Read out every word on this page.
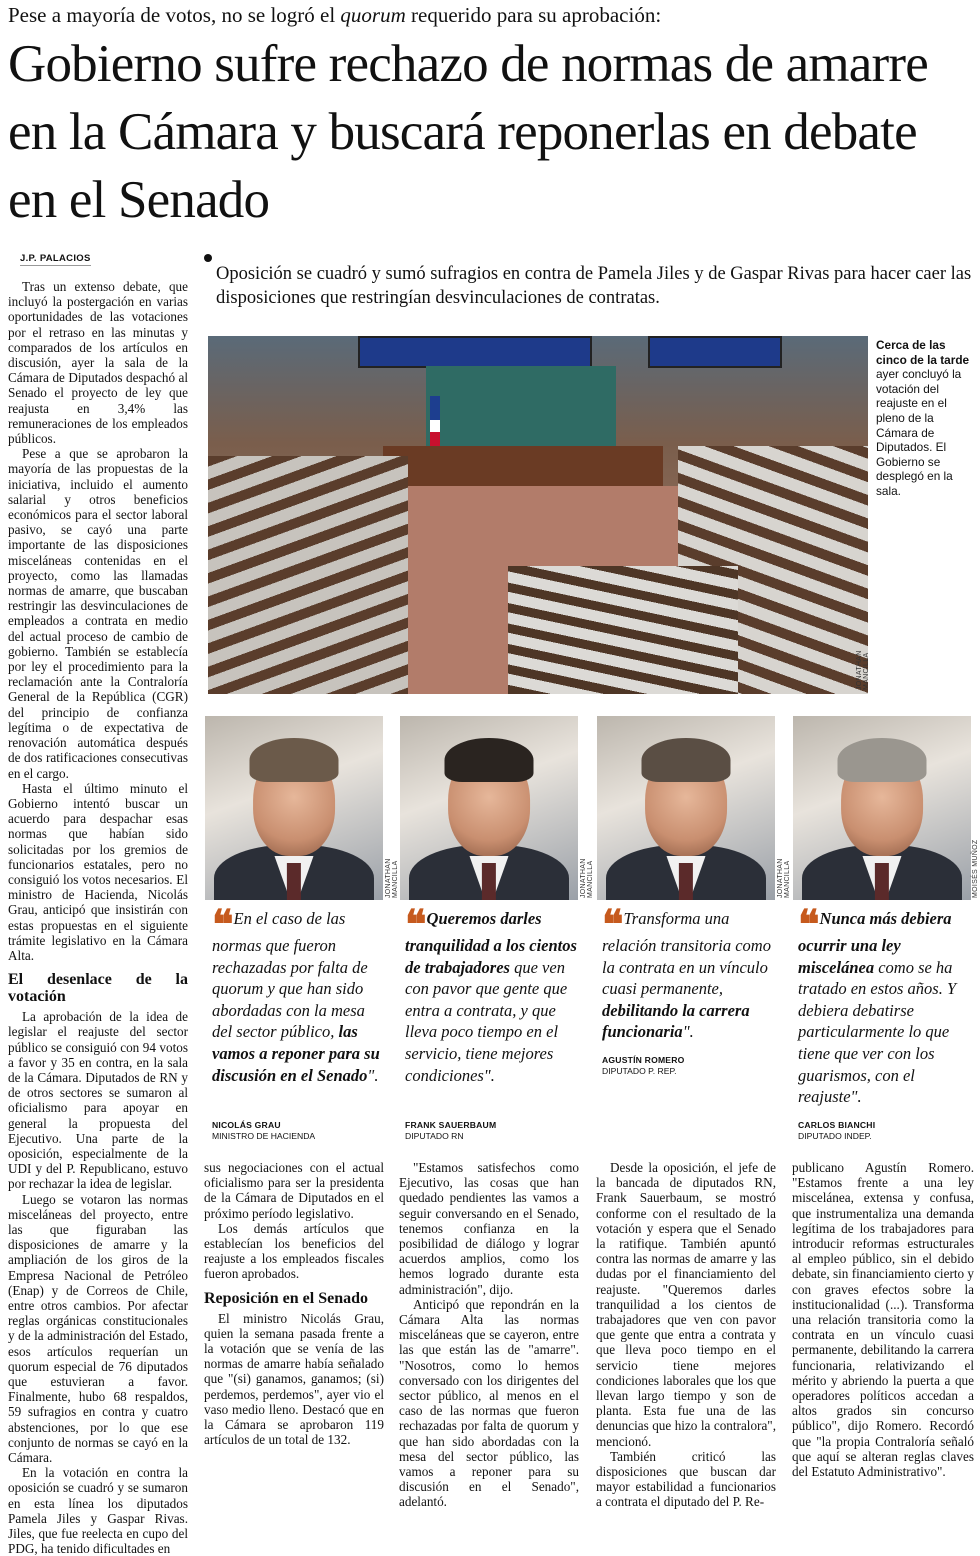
Pese a mayoría de votos, no se logró el quorum requerido para su aprobación:
Gobierno sufre rechazo de normas de amarre en la Cámara y buscará reponerlas en debate en el Senado
J.P. PALACIOS
Oposición se cuadró y sumó sufragios en contra de Pamela Jiles y de Gaspar Rivas para hacer caer las disposiciones que restringían desvinculaciones de contratas.
JONATHAN MANCILLA
Cerca de las cinco de la tarde ayer concluyó la votación del reajuste en el pleno de la Cámara de Diputados. El Gobierno se desplegó en la sala.

Tras un extenso debate, que incluyó la postergación en varias oportunidades de las votaciones por el retraso en las minutas y comparados de los artículos en discusión, ayer la sala de la Cámara de Diputados despachó al Senado el proyecto de ley que reajusta en 3,4% las remuneraciones de los empleados públicos.

Pese a que se aprobaron la mayoría de las propuestas de la iniciativa, incluido el aumento salarial y otros beneficios económicos para el sector laboral pasivo, se cayó una parte importante de las disposiciones misceláneas contenidas en el proyecto, como las llamadas normas de amarre, que buscaban restringir las desvinculaciones de empleados a contrata en medio del actual proceso de cambio de gobierno. También se establecía por ley el procedimiento para la reclamación ante la Contraloría General de la República (CGR) del principio de confianza legítima o de expectativa de renovación automática después de dos ratificaciones consecutivas en el cargo.

Hasta el último minuto el Gobierno intentó buscar un acuerdo para despachar esas normas que habían sido solicitadas por los gremios de funcionarios estatales, pero no consiguió los votos necesarios. El ministro de Hacienda, Nicolás Grau, anticipó que insistirán con estas propuestas en el siguiente trámite legislativo en la Cámara Alta.

El desenlace de la votación

La aprobación de la idea de legislar el reajuste del sector público se consiguió con 94 votos a favor y 35 en contra, en la sala de la Cámara. Diputados de RN y de otros sectores se sumaron al oficialismo para apoyar en general la propuesta del Ejecutivo. Una parte de la oposición, especialmente de la UDI y del P. Republicano, estuvo por rechazar la idea de legislar.

Luego se votaron las normas misceláneas del proyecto, entre las que figuraban las disposiciones de amarre y la ampliación de los giros de la Empresa Nacional de Petróleo (Enap) y de Correos de Chile, entre otros cambios. Por afectar reglas orgánicas constitucionales y de la administración del Estado, esos artículos requerían un quorum especial de 76 diputados que estuvieran a favor. Finalmente, hubo 68 respaldos, 59 sufragios en contra y cuatro abstenciones, por lo que ese conjunto de normas se cayó en la Cámara.

En la votación en contra la oposición se cuadró y se sumaron en esta línea los diputados Pamela Jiles y Gaspar Rivas. Jiles, que fue reelecta en cupo del PDG, ha tenido dificultades en

JONATHAN MANCILLA	JONATHAN MANCILLA	JONATHAN MANCILLA	MOISÉS MUÑOZ
❝ En el caso de las normas que fueron rechazadas por falta de quorum y que han sido abordadas con la mesa del sector público, las vamos a reponer para su discusión en el Senado".
NICOLÁS GRAU
MINISTRO DE HACIENDA
❝ Queremos darles tranquilidad a los cientos de trabajadores que ven con pavor que gente que entra a contrata, y que lleva poco tiempo en el servicio, tiene mejores condiciones".
FRANK SAUERBAUM
DIPUTADO RN
❝ Transforma una relación transitoria como la contrata en un vínculo cuasi permanente, debilitando la carrera funcionaria".
AGUSTÍN ROMERO
DIPUTADO P. REP.
❝ Nunca más debiera ocurrir una ley miscelánea como se ha tratado en estos años. Y debiera debatirse particularmente lo que tiene que ver con los guarismos, con el reajuste".
CARLOS BIANCHI
DIPUTADO INDEP.

sus negociaciones con el actual oficialismo para ser la presidenta de la Cámara de Diputados en el próximo período legislativo.

Los demás artículos que establecían los beneficios del reajuste a los empleados fiscales fueron aprobados.

Reposición en el Senado

El ministro Nicolás Grau, quien la semana pasada frente a la votación que se venía de las normas de amarre había señalado que "(si) ganamos, ganamos; (si) perdemos, perdemos", ayer vio el vaso medio lleno. Destacó que en la Cámara se aprobaron 119 artículos de un total de 132.

"Estamos satisfechos como Ejecutivo, las cosas que han quedado pendientes las vamos a seguir conversando en el Senado, tenemos confianza en la posibilidad de diálogo y lograr acuerdos amplios, como los hemos logrado durante esta administración", dijo.

Anticipó que repondrán en la Cámara Alta las normas misceláneas que se cayeron, entre las que están las de "amarre". "Nosotros, como lo hemos conversado con los dirigentes del sector público, al menos en el caso de las normas que fueron rechazadas por falta de quorum y que han sido abordadas con la mesa del sector público, las vamos a reponer para su discusión en el Senado", adelantó.

Desde la oposición, el jefe de la bancada de diputados RN, Frank Sauerbaum, se mostró conforme con el resultado de la votación y espera que el Senado la ratifique. También apuntó contra las normas de amarre y las dudas por el financiamiento del reajuste. "Queremos darles tranquilidad a los cientos de trabajadores que ven con pavor que gente que entra a contrata y que lleva poco tiempo en el servicio tiene mejores condiciones laborales que los que llevan largo tiempo y son de planta. Esta fue una de las denuncias que hizo la contralora", mencionó.

También criticó las disposiciones que buscan dar mayor estabilidad a funcionarios a contrata el diputado del P. Re-

publicano Agustín Romero. "Estamos frente a una ley miscelánea, extensa y confusa, que instrumentaliza una demanda legítima de los trabajadores para introducir reformas estructurales al empleo público, sin el debido debate, sin financiamiento cierto y con graves efectos sobre la institucionalidad (...). Transforma una relación transitoria como la contrata en un vínculo cuasi permanente, debilitando la carrera funcionaria, relativizando el mérito y abriendo la puerta a que operadores políticos accedan a altos grados sin concurso público", dijo Romero. Recordó que "la propia Contraloría señaló que aquí se alteran reglas claves del Estatuto Administrativo".
